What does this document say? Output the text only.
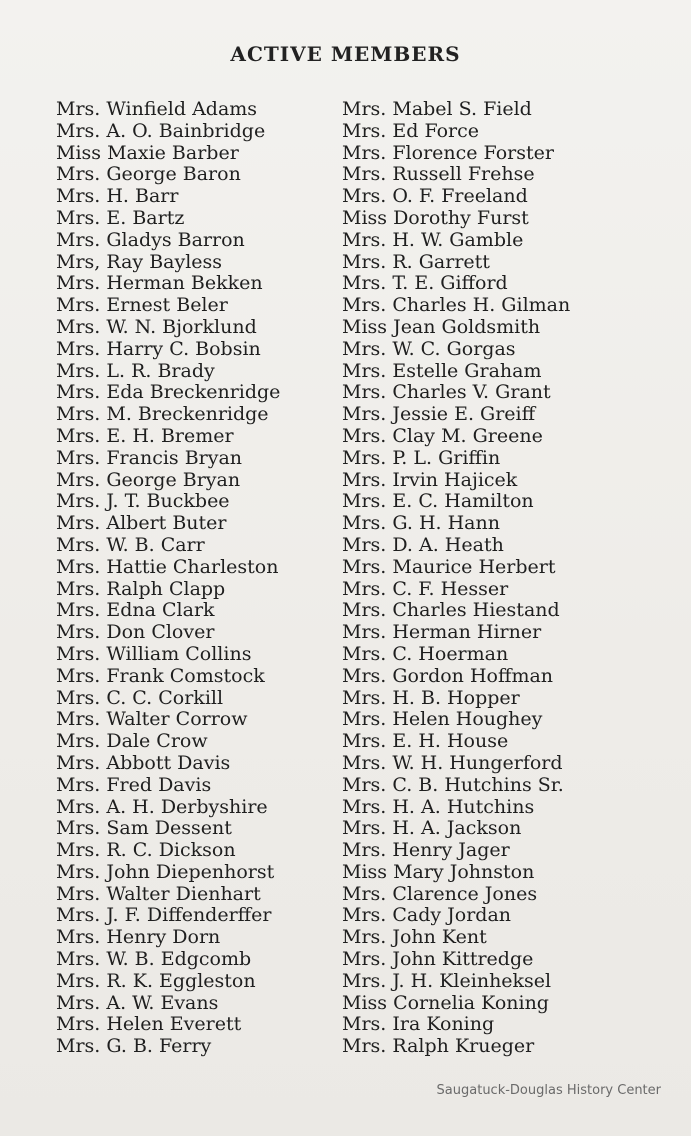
ACTIVE MEMBERS
Mrs. Winfield Adams
Mrs. A. O. Bainbridge
Miss Maxie Barber
Mrs. George Baron
Mrs. H. Barr
Mrs. E. Bartz
Mrs. Gladys Barron
Mrs, Ray Bayless
Mrs. Herman Bekken
Mrs. Ernest Beler
Mrs. W. N. Bjorklund
Mrs. Harry C. Bobsin
Mrs. L. R. Brady
Mrs. Eda Breckenridge
Mrs. M. Breckenridge
Mrs. E. H. Bremer
Mrs. Francis Bryan
Mrs. George Bryan
Mrs. J. T. Buckbee
Mrs. Albert Buter
Mrs. W. B. Carr
Mrs. Hattie Charleston
Mrs. Ralph Clapp
Mrs. Edna Clark
Mrs. Don Clover
Mrs. William Collins
Mrs. Frank Comstock
Mrs. C. C. Corkill
Mrs. Walter Corrow
Mrs. Dale Crow
Mrs. Abbott Davis
Mrs. Fred Davis
Mrs. A. H. Derbyshire
Mrs. Sam Dessent
Mrs. R. C. Dickson
Mrs. John Diepenhorst
Mrs. Walter Dienhart
Mrs. J. F. Diffenderffer
Mrs. Henry Dorn
Mrs. W. B. Edgcomb
Mrs. R. K. Eggleston
Mrs. A. W. Evans
Mrs. Helen Everett
Mrs. G. B. Ferry
Mrs. Mabel S. Field
Mrs. Ed Force
Mrs. Florence Forster
Mrs. Russell Frehse
Mrs. O. F. Freeland
Miss Dorothy Furst
Mrs. H. W. Gamble
Mrs. R. Garrett
Mrs. T. E. Gifford
Mrs. Charles H. Gilman
Miss Jean Goldsmith
Mrs. W. C. Gorgas
Mrs. Estelle Graham
Mrs. Charles V. Grant
Mrs. Jessie E. Greiff
Mrs. Clay M. Greene
Mrs. P. L. Griffin
Mrs. Irvin Hajicek
Mrs. E. C. Hamilton
Mrs. G. H. Hann
Mrs. D. A. Heath
Mrs. Maurice Herbert
Mrs. C. F. Hesser
Mrs. Charles Hiestand
Mrs. Herman Hirner
Mrs. C. Hoerman
Mrs. Gordon Hoffman
Mrs. H. B. Hopper
Mrs. Helen Houghey
Mrs. E. H. House
Mrs. W. H. Hungerford
Mrs. C. B. Hutchins Sr.
Mrs. H. A. Hutchins
Mrs. H. A. Jackson
Mrs. Henry Jager
Miss Mary Johnston
Mrs. Clarence Jones
Mrs. Cady Jordan
Mrs. John Kent
Mrs. John Kittredge
Mrs. J. H. Kleinheksel
Miss Cornelia Koning
Mrs. Ira Koning
Mrs. Ralph Krueger
Saugatuck-Douglas History Center
